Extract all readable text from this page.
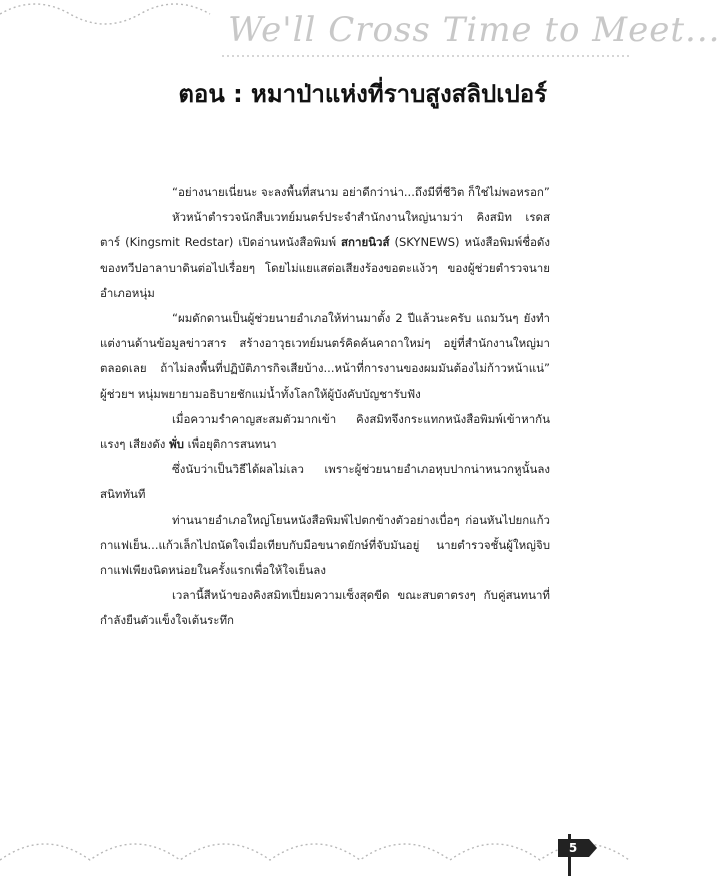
We'll Cross Time to Meet...
ตอน : หมาป่าแห่งที่ราบสูงสลิปเปอร์

“อย่างนายเนี่ยนะ จะลงพื้นที่สนาม อย่าดีกว่าน่า...ถึงมีที่ชีวิต ก็ใช่ไม่พอหรอก”

หัวหน้าตำรวจนักสืบเวทย์มนตร์ประจำสำนักงานใหญ่นามว่า คิงสมิท เรดสตาร์ (Kingsmit Redstar) เปิดอ่านหนังสือพิมพ์ สกายนิวส์ (SKYNEWS) หนังสือพิมพ์ชื่อดังของทวีปอาลาบาดินต่อไปเรื่อยๆ โดยไม่แยแสต่อเสียงร้องขอตะแง้วๆ ของผู้ช่วยตำรวจนายอำเภอหนุ่ม

“ผมดักดานเป็นผู้ช่วยนายอำเภอให้ท่านมาตั้ง 2 ปีแล้วนะครับ แถมวันๆ ยังทำแต่งานด้านข้อมูลข่าวสาร สร้างอาวุธเวทย์มนตร์คิดค้นคาถาใหม่ๆ อยู่ที่สำนักงานใหญ่มาตลอดเลย ถ้าไม่ลงพื้นที่ปฏิบัติภารกิจเสียบ้าง...หน้าที่การงานของผมมันต้องไม่ก้าวหน้าแน่” ผู้ช่วยฯ หนุ่มพยายามอธิบายชักแม่น้ำทั้งโลกให้ผู้บังคับบัญชารับฟัง

เมื่อความรำคาญสะสมตัวมากเข้า คิงสมิทจึงกระแทกหนังสือพิมพ์เข้าหากันแรงๆ เสียงดัง พั่บ เพื่อยุติการสนทนา

ซึ่งนับว่าเป็นวิธีได้ผลไม่เลว เพราะผู้ช่วยนายอำเภอหุบปากน่าหนวกหูนั้นลงสนิททันที

ท่านนายอำเภอใหญ่โยนหนังสือพิมพ์ไปตกข้างตัวอย่างเบื่อๆ ก่อนหันไปยกแก้วกาแฟเย็น...แก้วเล็กไปถนัดใจเมื่อเทียบกับมือขนาดยักษ์ที่จับมันอยู่ นายตำรวจชั้นผู้ใหญ่จิบกาแฟเพียงนิดหน่อยในครั้งแรกเพื่อให้ใจเย็นลง

เวลานี้สีหน้าของคิงสมิทเปี่ยมความเซ็งสุดขีด ขณะสบตาตรงๆ กับคู่สนทนาที่กำลังยืนตัวแข็งใจเต้นระทึก

5
